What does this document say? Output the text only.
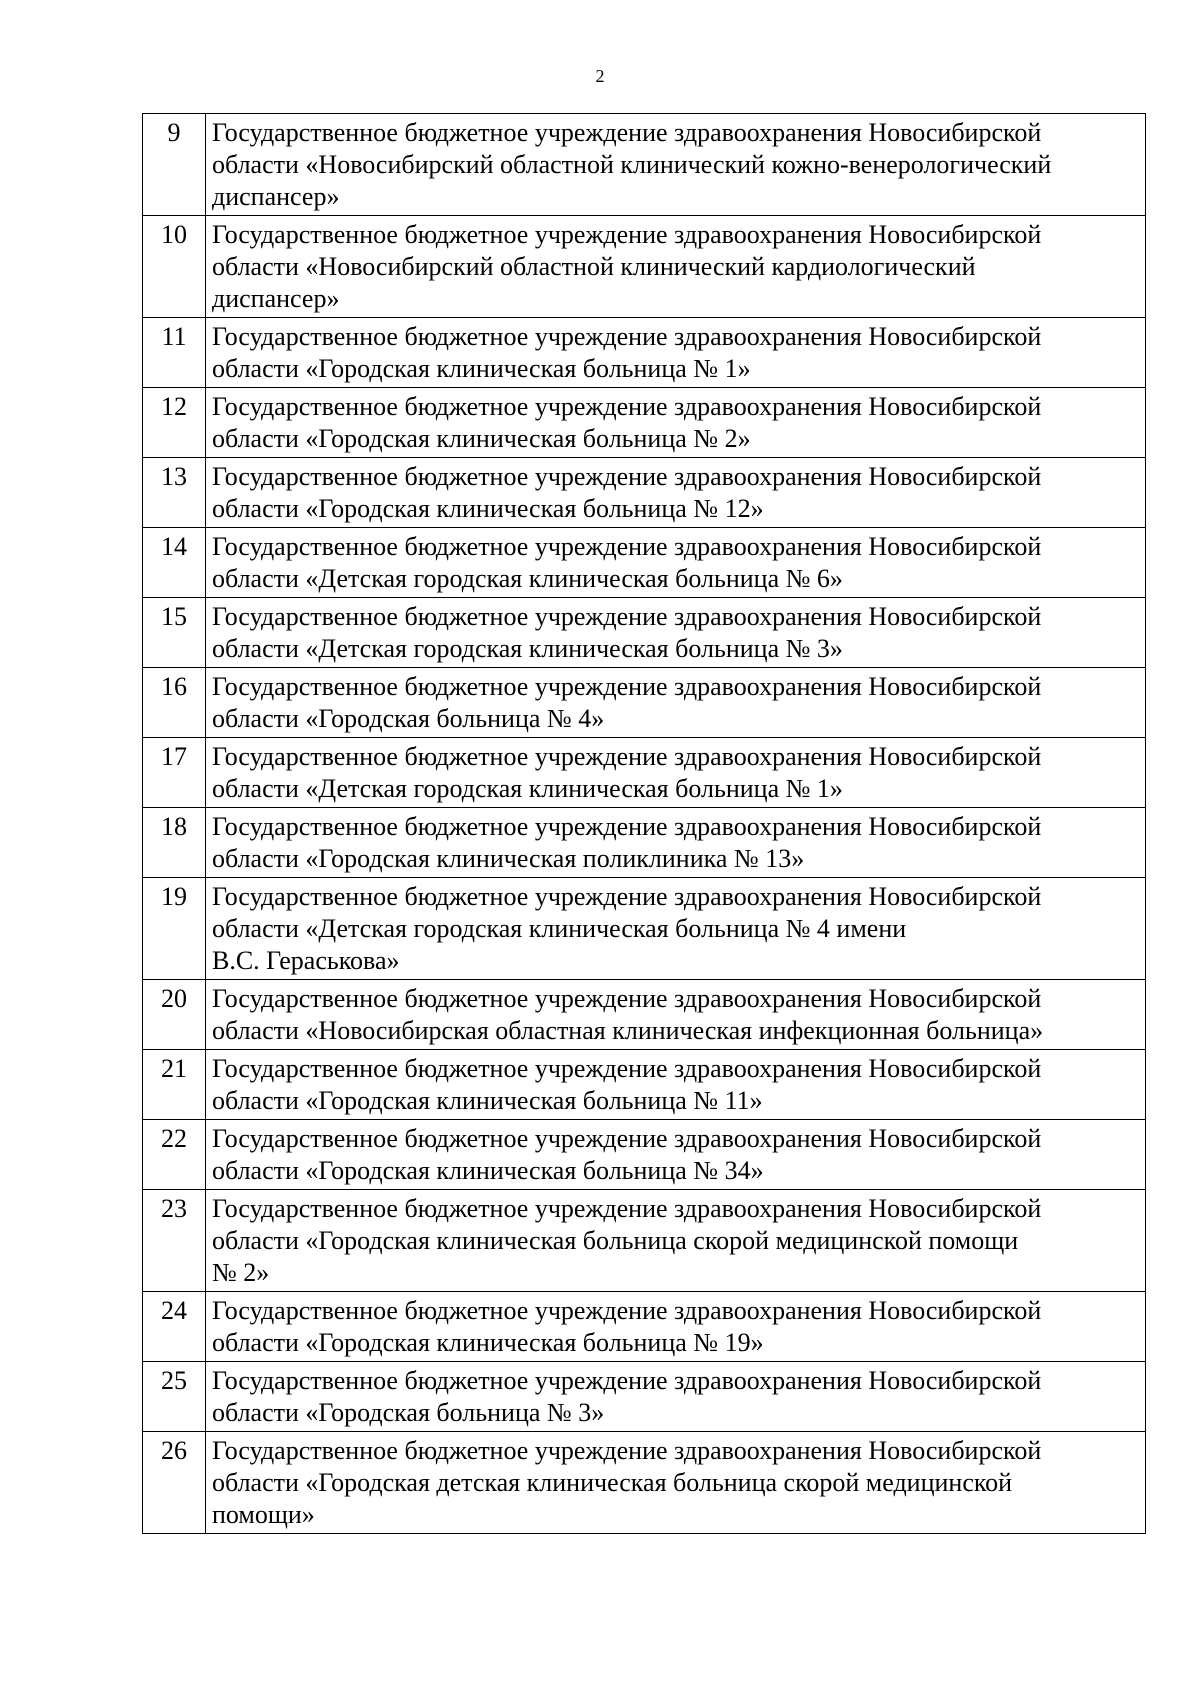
2
9	Государственное бюджетное учреждение здравоохранения Новосибирской
области «Новосибирский областной клинический кожно-венерологический
диспансер»

10	Государственное бюджетное учреждение здравоохранения Новосибирской
области «Новосибирский областной клинический кардиологический
диспансер»

11	Государственное бюджетное учреждение здравоохранения Новосибирской
области «Городская клиническая больница № 1»

12	Государственное бюджетное учреждение здравоохранения Новосибирской
области «Городская клиническая больница № 2»

13	Государственное бюджетное учреждение здравоохранения Новосибирской
области «Городская клиническая больница № 12»

14	Государственное бюджетное учреждение здравоохранения Новосибирской
области «Детская городская клиническая больница № 6»

15	Государственное бюджетное учреждение здравоохранения Новосибирской
области «Детская городская клиническая больница № 3»

16	Государственное бюджетное учреждение здравоохранения Новосибирской
области «Городская больница № 4»

17	Государственное бюджетное учреждение здравоохранения Новосибирской
области «Детская городская клиническая больница № 1»

18	Государственное бюджетное учреждение здравоохранения Новосибирской
области «Городская клиническая поликлиника № 13»

19	Государственное бюджетное учреждение здравоохранения Новосибирской
области «Детская городская клиническая больница № 4 имени
В.С. Гераськова»

20	Государственное бюджетное учреждение здравоохранения Новосибирской
области «Новосибирская областная клиническая инфекционная больница»

21	Государственное бюджетное учреждение здравоохранения Новосибирской
области «Городская клиническая больница № 11»

22	Государственное бюджетное учреждение здравоохранения Новосибирской
области «Городская клиническая больница № 34»

23	Государственное бюджетное учреждение здравоохранения Новосибирской
области «Городская клиническая больница скорой медицинской помощи
№ 2»

24	Государственное бюджетное учреждение здравоохранения Новосибирской
области «Городская клиническая больница № 19»

25	Государственное бюджетное учреждение здравоохранения Новосибирской
области «Городская больница № 3»

26	Государственное бюджетное учреждение здравоохранения Новосибирской
области «Городская детская клиническая больница скорой медицинской
помощи»
